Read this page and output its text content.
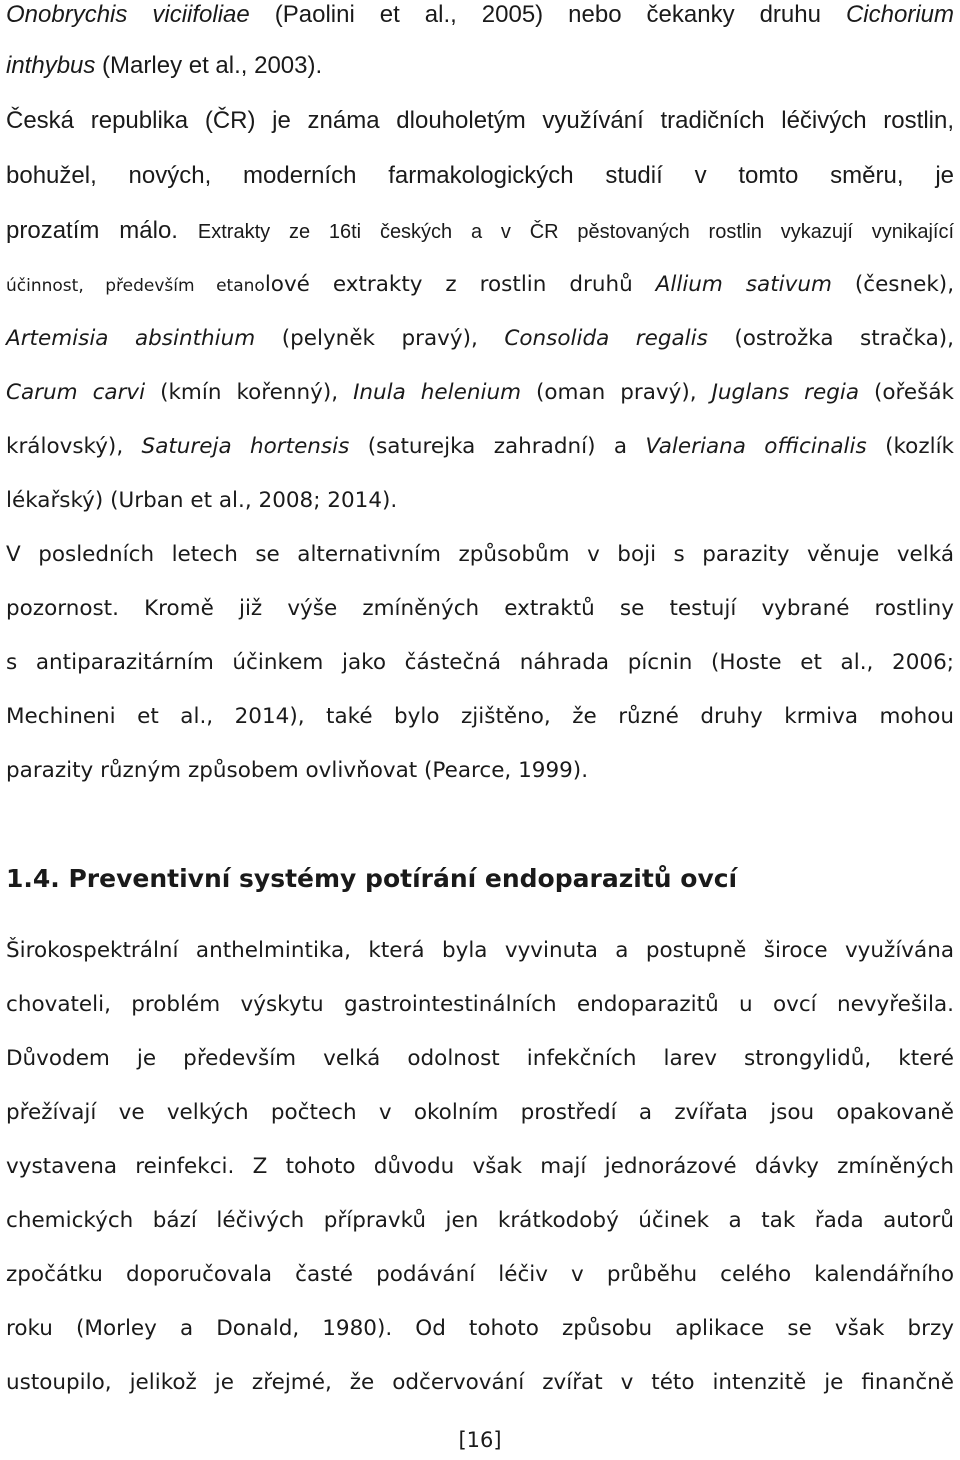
Onobrychis viciifoliae (Paolini et al., 2005) nebo čekanky druhu Cichorium
inthybus (Marley et al., 2003).
Česká republika (ČR) je známa dlouholetým využívání tradičních léčivých rostlin,
bohužel, nových, moderních farmakologických studií v tomto směru, je
prozatím málo. Extrakty ze 16ti českých a v ČR pěstovaných rostlin vykazují vynikající
účinnost, především etanolové extrakty z rostlin druhů Allium sativum (česnek),
Artemisia absinthium (pelyněk pravý), Consolida regalis (ostrožka stračka),
Carum carvi (kmín kořenný), Inula helenium (oman pravý), Juglans regia (ořešák
královský), Satureja hortensis (saturejka zahradní) a Valeriana officinalis (kozlík
lékařský) (Urban et al., 2008; 2014).
V posledních letech se alternativním způsobům v boji s parazity věnuje velká
pozornost. Kromě již výše zmíněných extraktů se testují vybrané rostliny
s antiparazitárním účinkem jako částečná náhrada pícnin (Hoste et al., 2006;
Mechineni et al., 2014), také bylo zjištěno, že různé druhy krmiva mohou
parazity různým způsobem ovlivňovat (Pearce, 1999).
1.4. Preventivní systémy potírání endoparazitů ovcí
Širokospektrální anthelmintika, která byla vyvinuta a postupně široce využívána
chovateli, problém výskytu gastrointestinálních endoparazitů u ovcí nevyřešila.
Důvodem je především velká odolnost infekčních larev strongylidů, které
přežívají ve velkých počtech v okolním prostředí a zvířata jsou opakovaně
vystavena reinfekci. Z tohoto důvodu však mají jednorázové dávky zmíněných
chemických bází léčivých přípravků jen krátkodobý účinek a tak řada autorů
zpočátku doporučovala časté podávání léčiv v průběhu celého kalendářního
roku (Morley a Donald, 1980). Od tohoto způsobu aplikace se však brzy
ustoupilo, jelikož je zřejmé, že odčervování zvířat v této intenzitě je finančně
[16]
